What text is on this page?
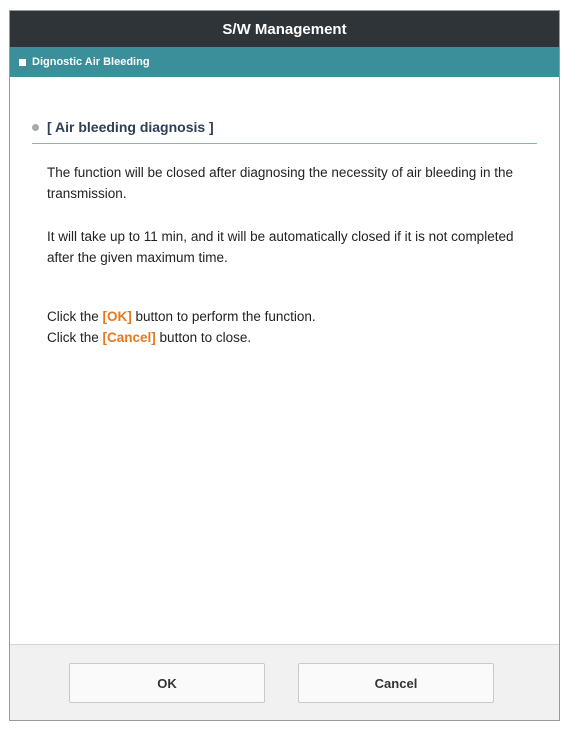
S/W Management
Dignostic Air Bleeding
[ Air bleeding diagnosis ]

The function will be closed after diagnosing the necessity of air bleeding in the transmission.

It will take up to 11 min, and it will be automatically closed if it is not completed after the given maximum time.

Click the [OK] button to perform the function.
Click the [Cancel] button to close.

OK	Cancel
